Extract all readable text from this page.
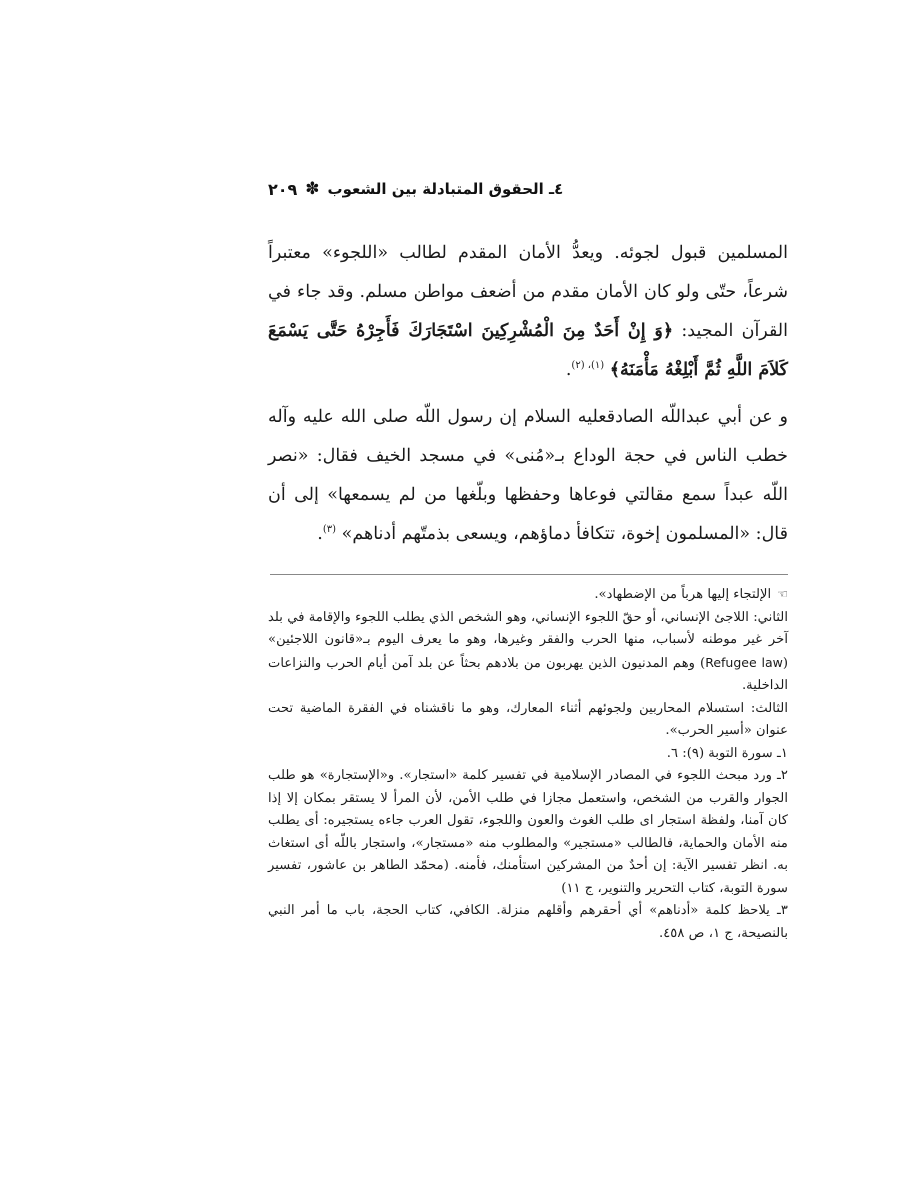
٤ـ الحقوق المتبادلة بين الشعوب
✽
٢٠٩

المسلمين قبول لجوئه. ويعدُّ الأمان المقدم لطالب «اللجوء» معتبراً شرعاً، حتّى ولو كان الأمان مقدم من أضعف مواطن مسلم. وقد جاء في القرآن المجيد: ﴿وَ إِنْ أَحَدٌ مِنَ الْمُشْرِكِينَ اسْتَجَارَكَ فَأَجِرْهُ حَتَّى يَسْمَعَ كَلاَمَ اللَّهِ ثُمَّ أَبْلِغْهُ مَأْمَنَهُ﴾ $^{(١)، (٢)}$.

و عن أبي عبداللّه الصادقعليه السلام إن رسول اللّه صلى الله عليه وآله خطب الناس في حجة الوداع بـ«مُنى» في مسجد الخيف فقال: «نصر اللّه عبداً سمع مقالتي فوعاها وحفظها وبلّغها من لم يسمعها» إلى أن قال: «المسلمون إخوة، تتكافأ دماؤهم، ويسعى بذمتّهم أدناهم» $^{(٣)}$.

☜الإلتجاء إليها هرباً من الإضطهاد».

الثاني: اللاجئ الإنساني، أو حقّ اللجوء الإنساني، وهو الشخص الذي يطلب اللجوء والإقامة في بلد آخر غير موطنه لأسباب، منها الحرب والفقر وغيرها، وهو ما يعرف اليوم بـ«قانون اللاجئين» (Refugee law) وهم المدنيون الذين يهربون من بلادهم بحثاً عن بلد آمن أيام الحرب والنزاعات الداخلية.

الثالث: استسلام المحاربين ولجوئهم أثناء المعارك، وهو ما ناقشناه في الفقرة الماضية تحت عنوان «أسير الحرب».

١ـ سورة التوبة (٩): ٦.

٢ـ ورد مبحث اللجوء في المصادر الإسلامية في تفسير كلمة «استجار». و«الإستجارة» هو طلب الجوار والقرب من الشخص، واستعمل مجازا في طلب الأمن، لأن المرأ لا يستقر بمكان إلا إذا كان آمنا، ولفظة استجار اى طلب الغوث والعون واللجوء، تقول العرب جاءه يستجيره: أى يطلب منه الأمان والحماية، فالطالب «مستجير» والمطلوب منه «مستجار»، واستجار باللّه أى استغاث به. انظر تفسير الآية: إن أحدٌ من المشركين استأمنك، فأمنه. (محمّد الطاهر بن عاشور، تفسير سورة التوبة، كتاب التحرير والتنوير، ج ١١)

٣ـ يلاحظ كلمة «أدناهم» أي أحقرهم وأقلهم منزلة. الكافي، كتاب الحجة، باب ما أمر النبي بالنصيحة، ج ١، ص ٤٥٨.
